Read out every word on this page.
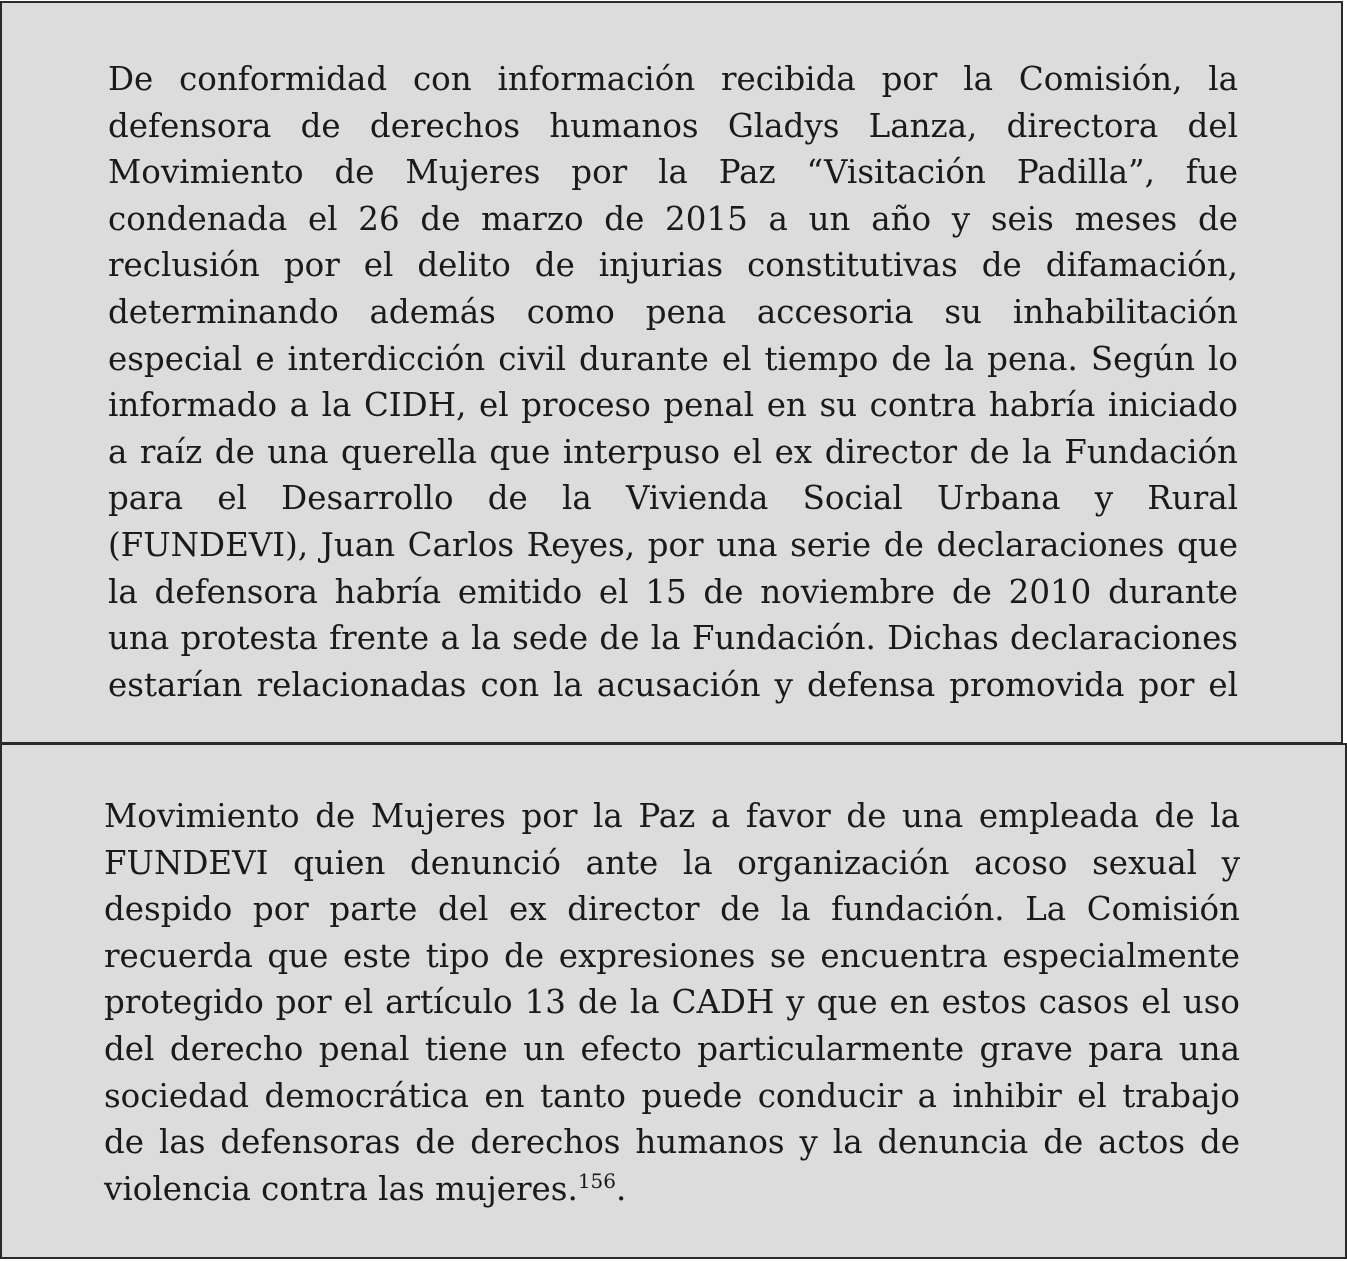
De conformidad con información recibida por la Comisión, la
defensora de derechos humanos Gladys Lanza, directora del
Movimiento de Mujeres por la Paz “Visitación Padilla”, fue
condenada el 26 de marzo de 2015 a un año y seis meses de
reclusión por el delito de injurias constitutivas de difamación,
determinando además como pena accesoria su inhabilitación
especial e interdicción civil durante el tiempo de la pena. Según lo
informado a la CIDH, el proceso penal en su contra habría iniciado
a raíz de una querella que interpuso el ex director de la Fundación
para el Desarrollo de la Vivienda Social Urbana y Rural
(FUNDEVI), Juan Carlos Reyes, por una serie de declaraciones que
la defensora habría emitido el 15 de noviembre de 2010 durante
una protesta frente a la sede de la Fundación. Dichas declaraciones
estarían relacionadas con la acusación y defensa promovida por el
Movimiento de Mujeres por la Paz a favor de una empleada de la
FUNDEVI quien denunció ante la organización acoso sexual y
despido por parte del ex director de la fundación. La Comisión
recuerda que este tipo de expresiones se encuentra especialmente
protegido por el artículo 13 de la CADH y que en estos casos el uso
del derecho penal tiene un efecto particularmente grave para una
sociedad democrática en tanto puede conducir a inhibir el trabajo
de las defensoras de derechos humanos y la denuncia de actos de
violencia contra las mujeres.$^{156}$.
